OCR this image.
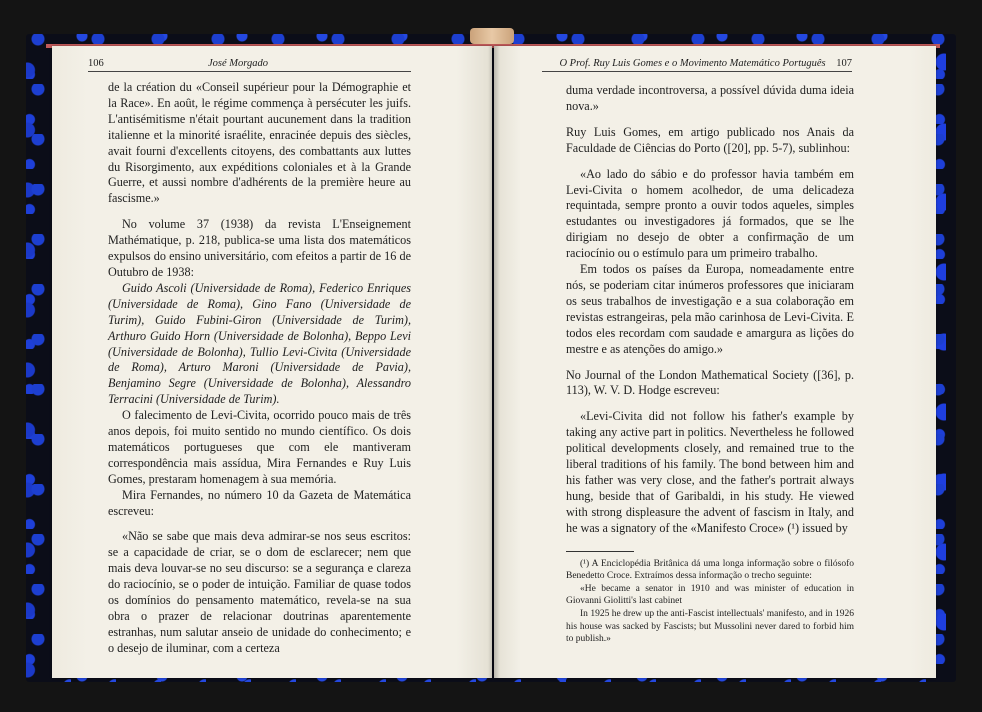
106	José Morgado

de la création du «Conseil supérieur pour la Démographie et la Race». En août, le régime commença à persécuter les juifs. L'antisémitisme n'était pourtant aucunement dans la tradition italienne et la minorité israélite, enracinée depuis des siècles, avait fourni d'excellents citoyens, des combattants aux luttes du Risorgimento, aux expéditions coloniales et à la Grande Guerre, et aussi nombre d'adhérents de la première heure au fascisme.»

No volume 37 (1938) da revista L'Enseignement Mathématique, p. 218, publica-se uma lista dos matemáticos expulsos do ensino universitário, com efeitos a partir de 16 de Outubro de 1938:

Guido Ascoli (Universidade de Roma), Federico Enriques (Universidade de Roma), Gino Fano (Universidade de Turim), Guido Fubini-Giron (Universidade de Turim), Arthuro Guido Horn (Universidade de Bolonha), Beppo Levi (Universidade de Bolonha), Tullio Levi-Civita (Universidade de Roma), Arturo Maroni (Universidade de Pavia), Benjamino Segre (Universidade de Bolonha), Alessandro Terracini (Universidade de Turim).

O falecimento de Levi-Civita, ocorrido pouco mais de três anos depois, foi muito sentido no mundo científico. Os dois matemáticos portugueses que com ele mantiveram correspondência mais assídua, Mira Fernandes e Ruy Luis Gomes, prestaram homenagem à sua memória.

Mira Fernandes, no número 10 da Gazeta de Matemática escreveu:

«Não se sabe que mais deva admirar-se nos seus escritos: se a capacidade de criar, se o dom de esclarecer; nem que mais deva louvar-se no seu discurso: se a segurança e clareza do raciocínio, se o poder de intuição. Familiar de quase todos os domínios do pensamento matemático, revela-se na sua obra o prazer de relacionar doutrinas aparentemente estranhas, num salutar anseio de unidade do conhecimento; e o desejo de iluminar, com a certeza

O Prof. Ruy Luis Gomes e o Movimento Matemático Português 107

duma verdade incontroversa, a possível dúvida duma ideia nova.»

Ruy Luis Gomes, em artigo publicado nos Anais da Faculdade de Ciências do Porto ([20], pp. 5-7), sublinhou:

«Ao lado do sábio e do professor havia também em Levi-Civita o homem acolhedor, de uma delicadeza requintada, sempre pronto a ouvir todos aqueles, simples estudantes ou investigadores já formados, que se lhe dirigiam no desejo de obter a confirmação de um raciocínio ou o estímulo para um primeiro trabalho.

Em todos os países da Europa, nomeadamente entre nós, se poderiam citar inúmeros professores que iniciaram os seus trabalhos de investigação e a sua colaboração em revistas estrangeiras, pela mão carinhosa de Levi-Civita. E todos eles recordam com saudade e amargura as lições do mestre e as atenções do amigo.»

No Journal of the London Mathematical Society ([36], p. 113), W. V. D. Hodge escreveu:

«Levi-Civita did not follow his father's example by taking any active part in politics. Nevertheless he followed political developments closely, and remained true to the liberal traditions of his family. The bond between him and his father was very close, and the father's portrait always hung, beside that of Garibaldi, in his study. He viewed with strong displeasure the advent of fascism in Italy, and he was a signatory of the «Manifesto Croce» (¹) issued by

(¹) A Enciclopédia Britânica dá uma longa informação sobre o filósofo Benedetto Croce. Extraímos dessa informação o trecho seguinte:

«He became a senator in 1910 and was minister of education in Giovanni Giolitti's last cabinet

In 1925 he drew up the anti-Fascist intellectuals' manifesto, and in 1926 his house was sacked by Fascists; but Mussolini never dared to forbid him to publish.»
